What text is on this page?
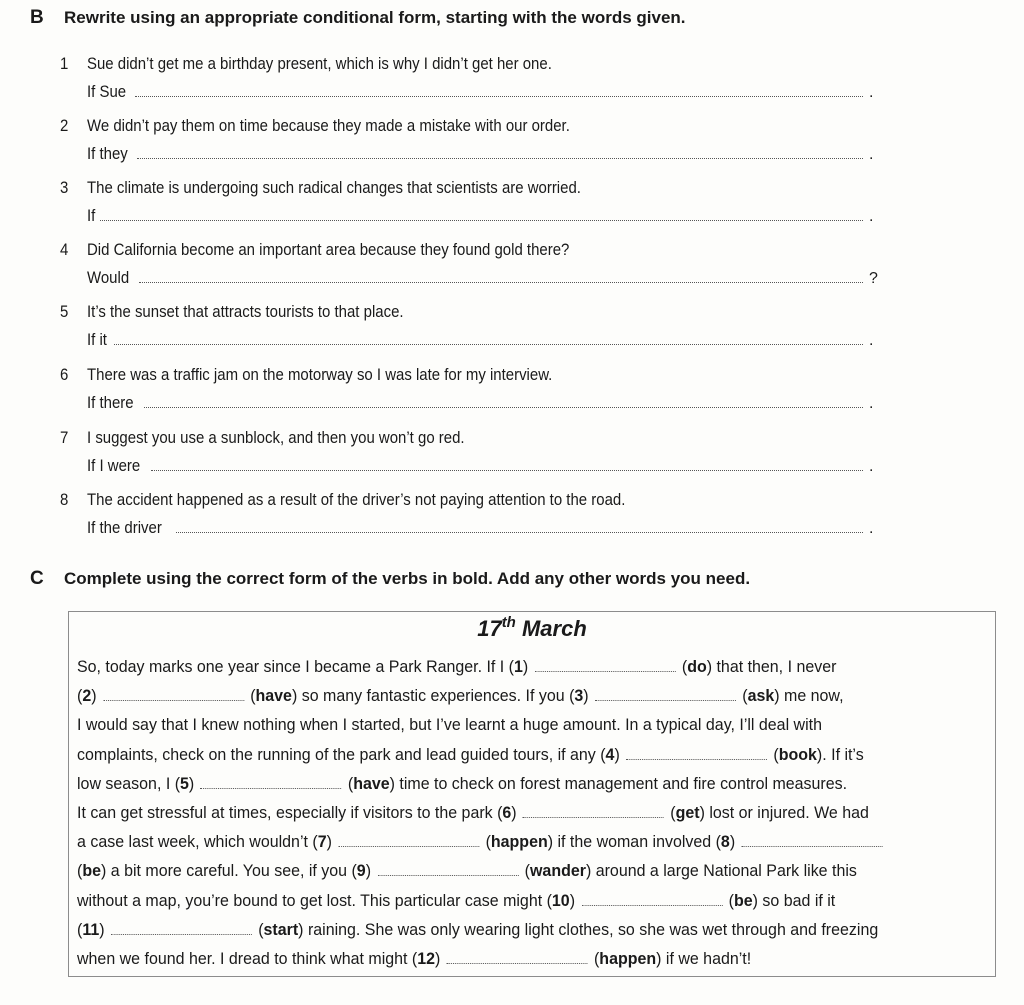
B Rewrite using an appropriate conditional form, starting with the words given.
1 Sue didn’t get me a birthday present, which is why I didn’t get her one.
If Sue	.
2 We didn’t pay them on time because they made a mistake with our order.
If they	.
3 The climate is undergoing such radical changes that scientists are worried.
If	.
4 Did California become an important area because they found gold there?
Would	?
5 It’s the sunset that attracts tourists to that place.
If it	.
6 There was a traffic jam on the motorway so I was late for my interview.
If there	.
7 I suggest you use a sunblock, and then you won’t go red.
If I were	.
8 The accident happened as a result of the driver’s not paying attention to the road.
If the driver	.
C Complete using the correct form of the verbs in bold. Add any other words you need.
17th March
So, today marks one year since I became a Park Ranger. If I (1)	(do) that then, I never
(2)	(have) so many fantastic experiences. If you (3)	(ask) me now,
I would say that I knew nothing when I started, but I’ve learnt a huge amount. In a typical day, I’ll deal with
complaints, check on the running of the park and lead guided tours, if any (4)	(book). If it’s
low season, I (5)	(have) time to check on forest management and fire control measures.
It can get stressful at times, especially if visitors to the park (6)	(get) lost or injured. We had
a case last week, which wouldn’t (7)	(happen) if the woman involved (8)
(be) a bit more careful. You see, if you (9)	(wander) around a large National Park like this
without a map, you’re bound to get lost. This particular case might (10)	(be) so bad if it
(11)	(start) raining. She was only wearing light clothes, so she was wet through and freezing
when we found her. I dread to think what might (12)	(happen) if we hadn’t!
